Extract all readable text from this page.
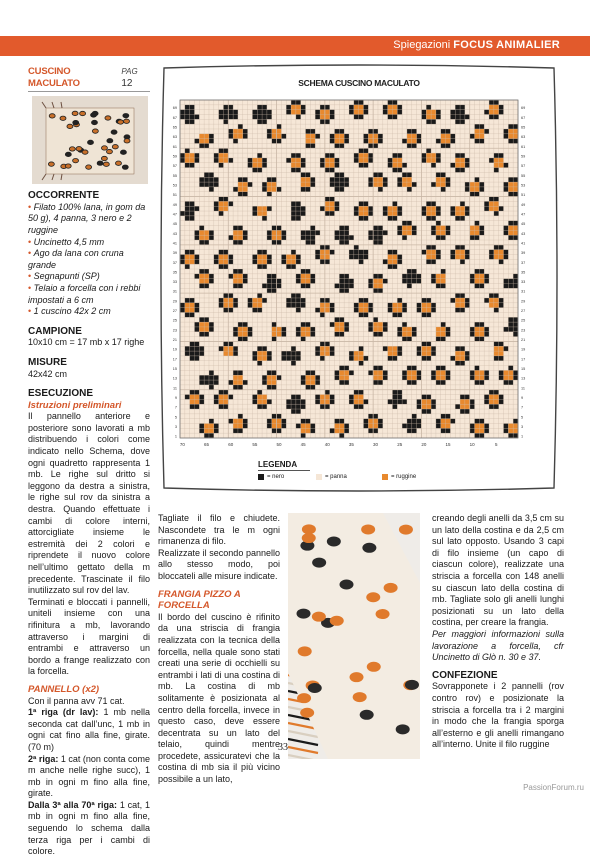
Spiegazioni FOCUS ANIMALIER
CUSCINO MACULATO
PAG 12
OCCORRENTE

• Filato 100% lana, in gom da 50 g), 4 panna, 3 nero e 2 ruggine

• Uncinetto 4,5 mm

• Ago da lana con cruna grande

• Segnapunti (SP)

• Telaio a forcella con i rebbi impostati a 6 cm

• 1 cuscino 42x 2 cm

CAMPIONE

10x10 cm = 17 mb x 17 righe

MISURE

42x42 cm

ESECUZIONE
Istruzioni preliminari

Il pannello anteriore e posteriore sono lavorati a mb distribuendo i colori come indicato nello Schema, dove ogni quadretto rappresenta 1 mb. Le righe sul dritto si leggono da destra a sinistra, le righe sul rov da sinistra a destra. Quando effettuate i cambi di colore interni, attorcigliate insieme le estremità dei 2 colori e riprendete il nuovo colore nell’ultimo gettato della m precedente. Trascinate il filo inutilizzato sul rov del lav.

Terminati e bloccati i pannelli, uniteli insieme con una rifinitura a mb, lavorando attraverso i margini di entrambi e attraverso un bordo a frange realizzato con la forcella.

PANNELLO (x2)

Con il panna avv 71 cat.

1ª riga (dr lav): 1 mb nella seconda cat dall’unc, 1 mb in ogni cat fino alla fine, girate. (70 m)

2ª riga: 1 cat (non conta come m anche nelle righe succ), 1 mb in ogni m fino alla fine, girate.

Dalla 3ª alla 70ª riga: 1 cat, 1 mb in ogni m fino alla fine, seguendo lo schema dalla terza riga per i cambi di colore.

SCHEMA CUSCINO MACULATO
1	1
3	3
5	5
7	7
9	9
11	11
13	13
15	15
17	17
19	19
21	21
23	23
25	25
27	27
29	29
31	31
33	33
35	35
37	37
39	39
41	41
43	43
45	45
47	47
49	49
51	51
53	53
55	55
57	57
59	59
61	61
63	63
65	65
67	67
69	69
70	65	60	55	50	45	40	35	30	25	20	15	10	5
LEGENDA
= nero	= panna	= ruggine

Tagliate il filo e chiudete. Nascondete tra le m ogni rimanenza di filo.

Realizzate il secondo pannello allo stesso modo, poi bloccateli alle misure indicate.

FRANGIA PIZZO A FORCELLA

Il bordo del cuscino è rifinito da una striscia di frangia realizzata con la tecnica della forcella, nella quale sono stati creati una serie di occhielli su entrambi i lati di una costina di mb. La costina di mb solitamente è posizionata al centro della forcella, invece in questo caso, deve essere decentrata su un lato del telaio, quindi mentre procedete, assicuratevi che la costina di mb sia il più vicino possibile a un lato,

creando degli anelli da 3,5 cm su un lato della costina e da 2,5 cm sul lato opposto. Usando 3 capi di filo insieme (un capo di ciascun colore), realizzate una striscia a forcella con 148 anelli su ciascun lato della costina di mb. Tagliate solo gli anelli lunghi posizionati su un lato della costina, per creare la frangia.

Per maggiori informazioni sulla lavorazione a forcella, cfr Uncinetto di Glò n. 30 e 37.

CONFEZIONE

Sovrapponete i 2 pannelli (rov contro rov) e posizionate la striscia a forcella tra i 2 margini in modo che la frangia sporga all’esterno e gli anelli rimangano all’interno. Unite il filo ruggine

33
PassionForum.ru
